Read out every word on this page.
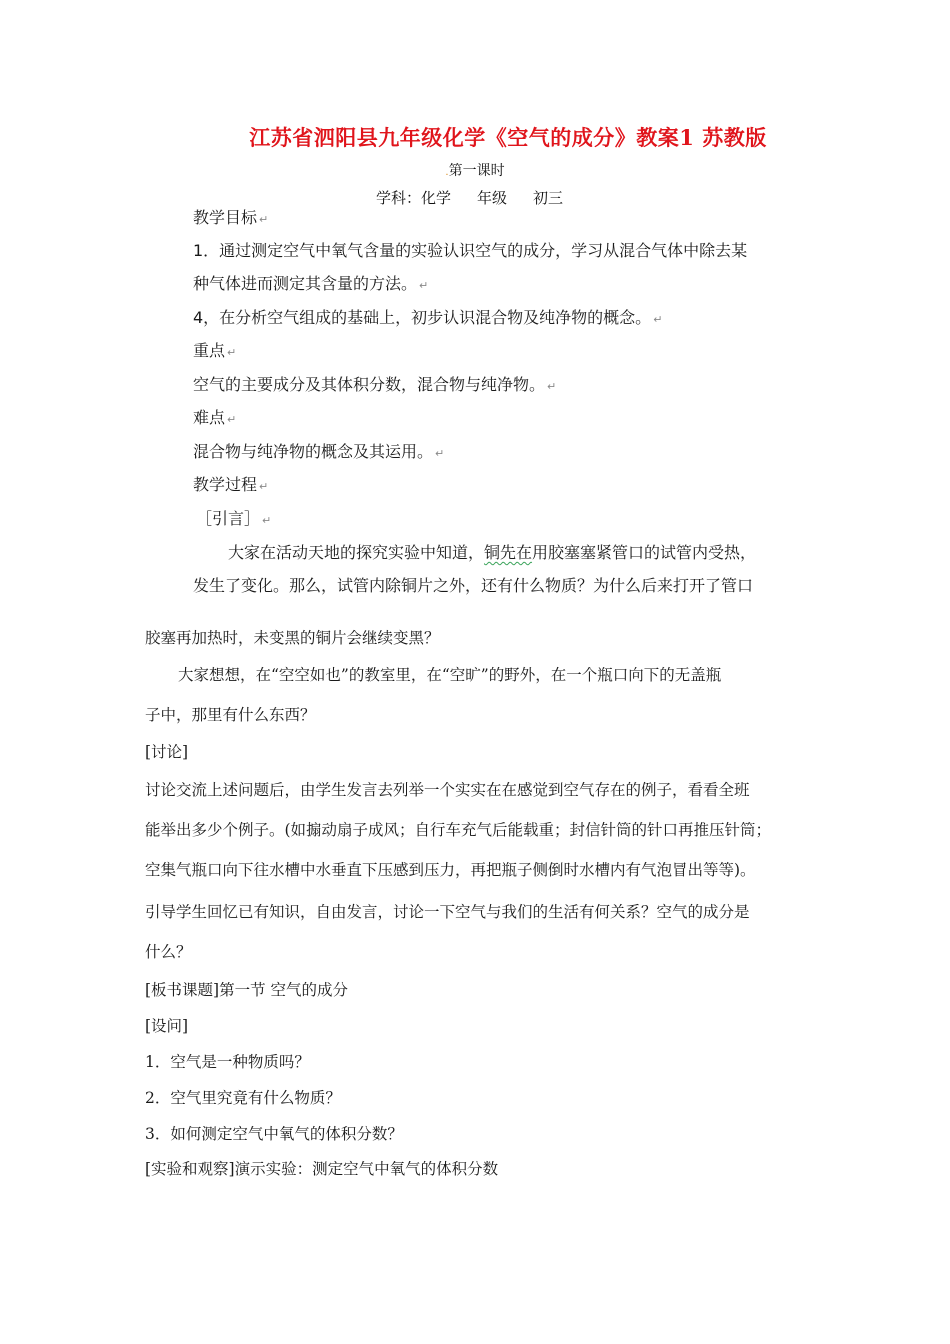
江苏省泗阳县九年级化学《空气的成分》教案1 苏教版
.第一课时
学科：化学 年级 初三
教学目标 ↵
1．通过测定空气中氧气含量的实验认识空气的成分，学习从混合气体中除去某
种气体进而测定其含量的方法。 ↵
4，在分析空气组成的基础上，初步认识混合物及纯净物的概念。 ↵
重点 ↵
空气的主要成分及其体积分数，混合物与纯净物。 ↵
难点 ↵
混合物与纯净物的概念及其运用。 ↵
教学过程 ↵
［引言］ ↵
大家在活动天地的探究实验中知道，铜先在用胶塞塞紧管口的试管内受热，
发生了变化。那么，试管内除铜片之外，还有什么物质？为什么后来打开了管口
胶塞再加热时，未变黑的铜片会继续变黑？
大家想想，在“空空如也”的教室里，在“空旷”的野外，在一个瓶口向下的无盖瓶
子中，那里有什么东西？
[讨论]
讨论交流上述问题后，由学生发言去列举一个实实在在感觉到空气存在的例子，看看全班
能举出多少个例子。(如搧动扇子成风；自行车充气后能载重；封信针筒的针口再推压针筒；
空集气瓶口向下往水槽中水垂直下压感到压力，再把瓶子侧倒时水槽内有气泡冒出等等)。
引导学生回忆已有知识，自由发言，讨论一下空气与我们的生活有何关系？空气的成分是
什么？
[板书课题]第一节 空气的成分
[设问]
1．空气是一种物质吗？
2．空气里究竟有什么物质？
3．如何测定空气中氧气的体积分数？
[实验和观察]演示实验：测定空气中氧气的体积分数
